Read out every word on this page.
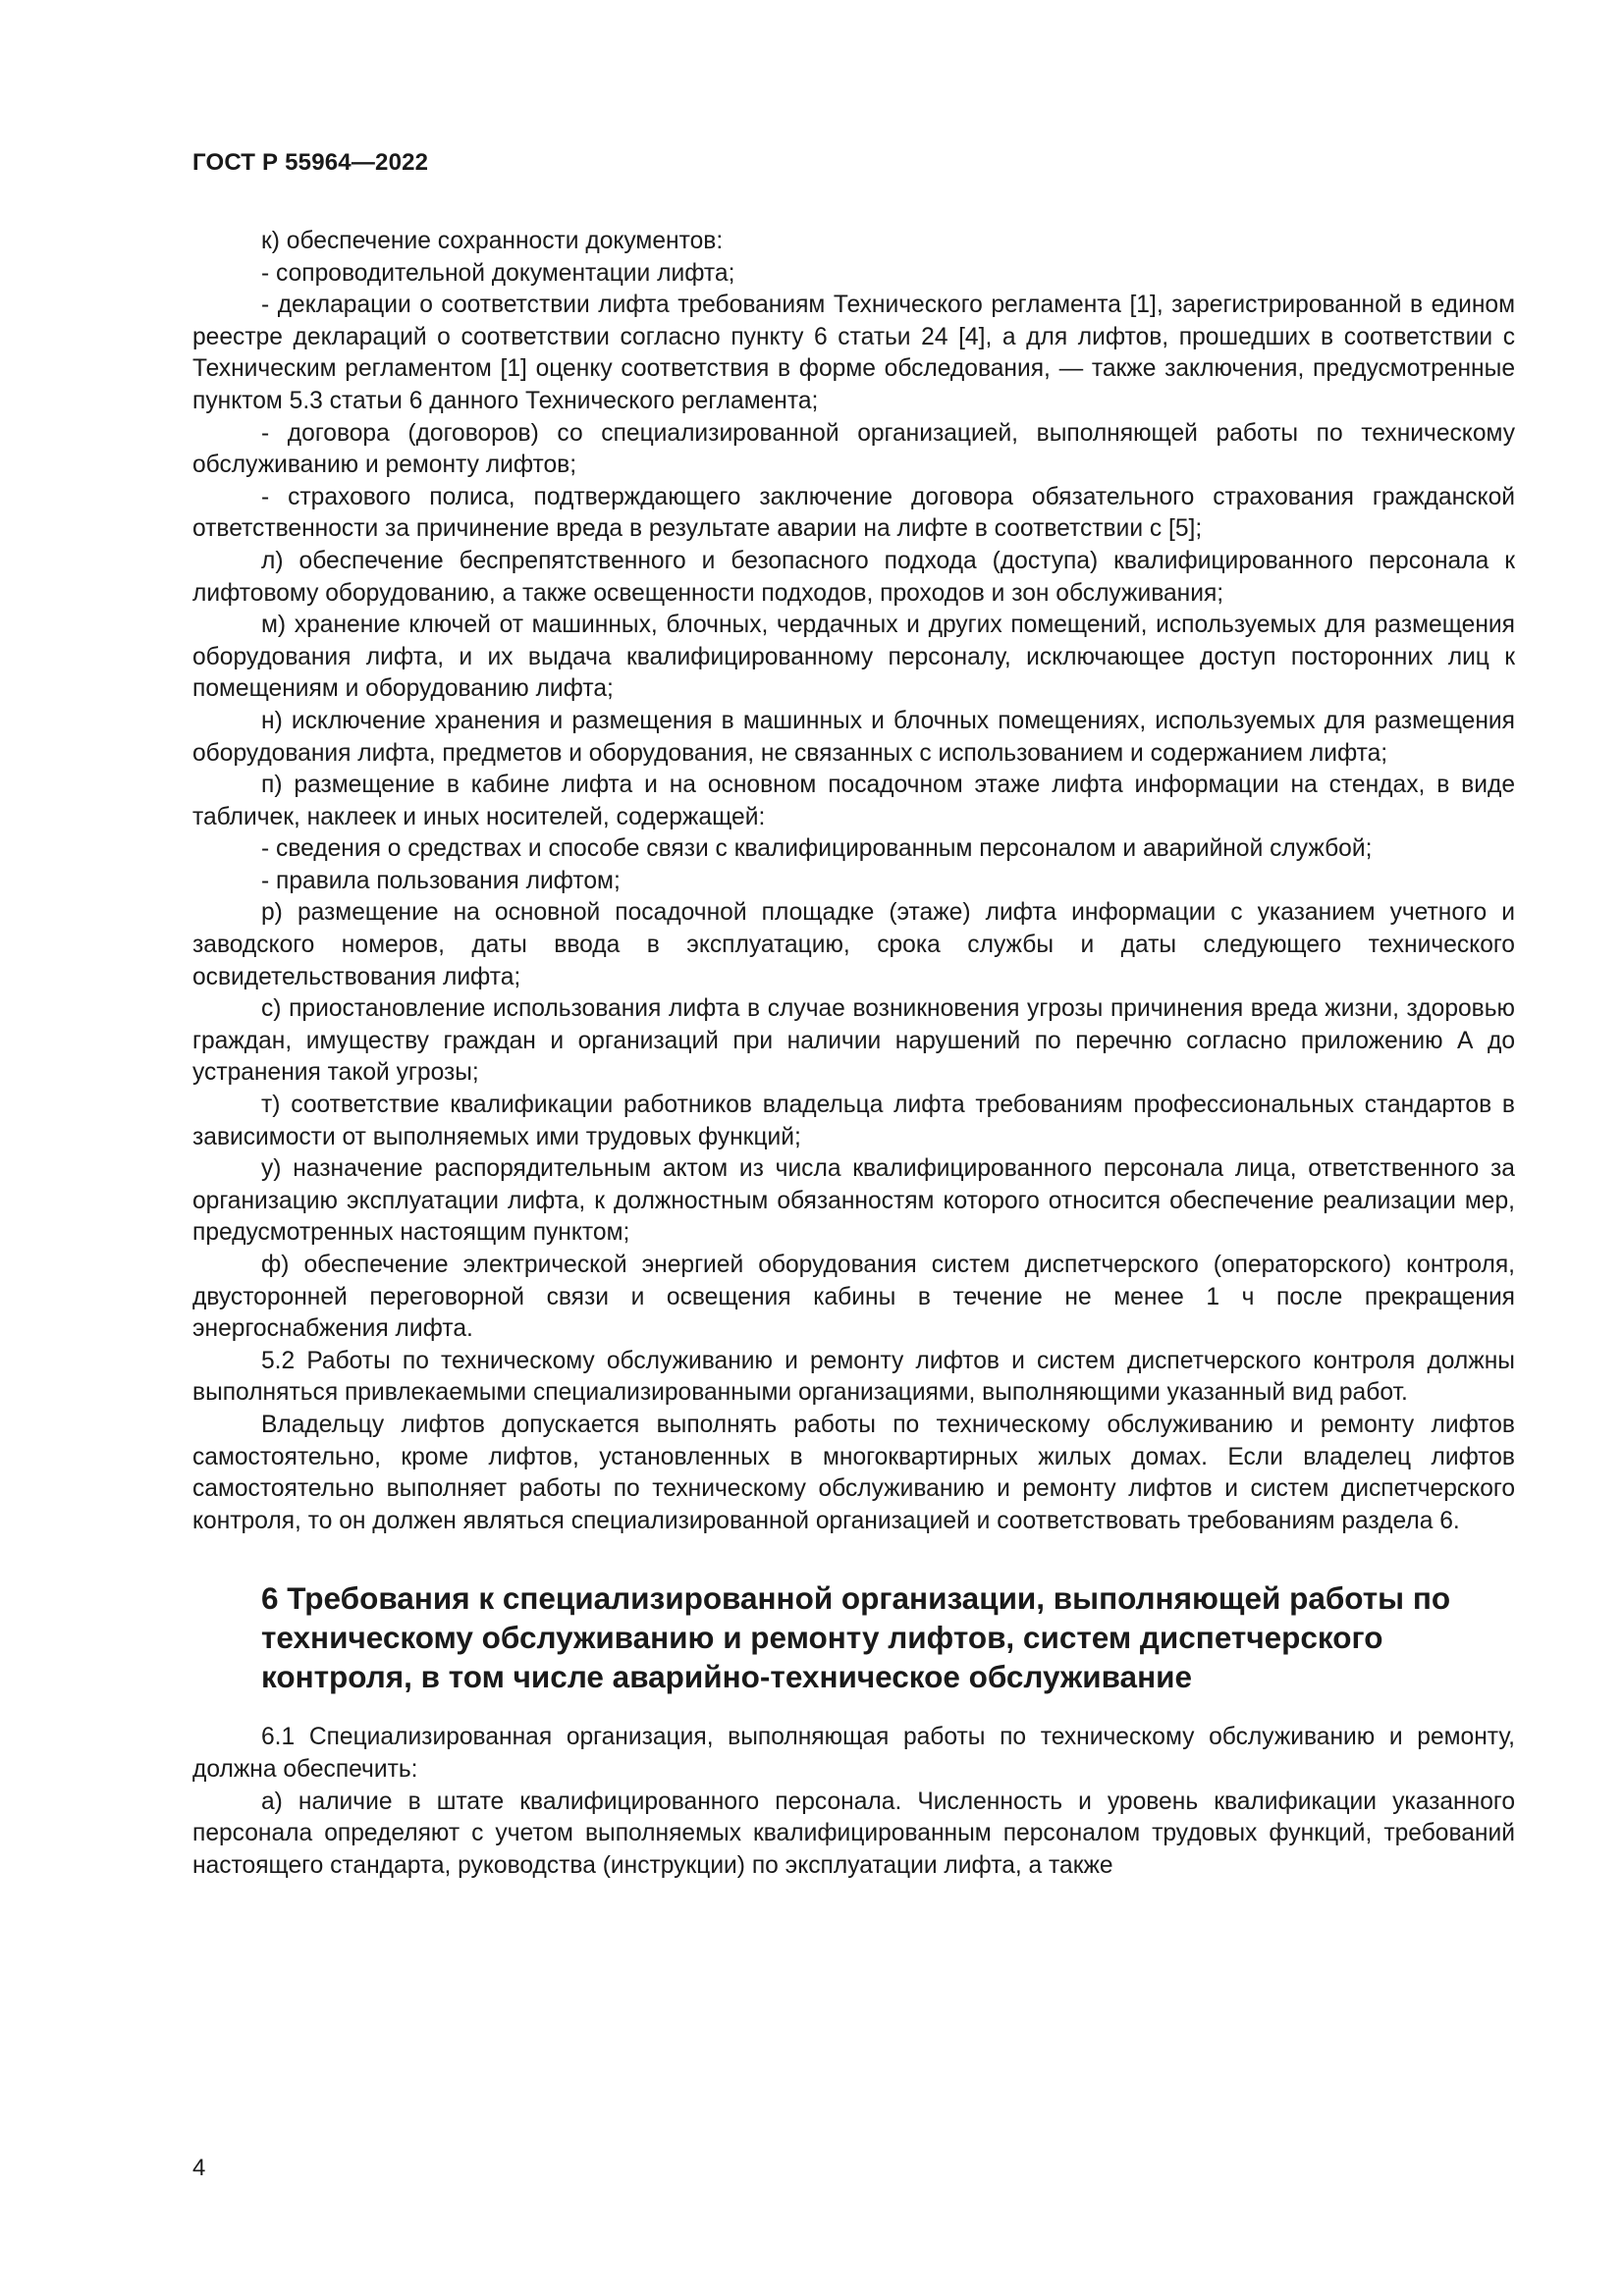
ГОСТ Р 55964—2022

к) обеспечение сохранности документов:

- сопроводительной документации лифта;

- декларации о соответствии лифта требованиям Технического регламента [1], зарегистрированной в едином реестре деклараций о соответствии согласно пункту 6 статьи 24 [4], а для лифтов, прошедших в соответствии с Техническим регламентом [1] оценку соответствия в форме обследования, — также заключения, предусмотренные пунктом 5.3 статьи 6 данного Технического регламента;

- договора (договоров) со специализированной организацией, выполняющей работы по техническому обслуживанию и ремонту лифтов;

- страхового полиса, подтверждающего заключение договора обязательного страхования гражданской ответственности за причинение вреда в результате аварии на лифте в соответствии с [5];

л) обеспечение беспрепятственного и безопасного подхода (доступа) квалифицированного персонала к лифтовому оборудованию, а также освещенности подходов, проходов и зон обслуживания;

м) хранение ключей от машинных, блочных, чердачных и других помещений, используемых для размещения оборудования лифта, и их выдача квалифицированному персоналу, исключающее доступ посторонних лиц к помещениям и оборудованию лифта;

н) исключение хранения и размещения в машинных и блочных помещениях, используемых для размещения оборудования лифта, предметов и оборудования, не связанных с использованием и содержанием лифта;

п) размещение в кабине лифта и на основном посадочном этаже лифта информации на стендах, в виде табличек, наклеек и иных носителей, содержащей:

- сведения о средствах и способе связи с квалифицированным персоналом и аварийной службой;

- правила пользования лифтом;

р) размещение на основной посадочной площадке (этаже) лифта информации с указанием учетного и заводского номеров, даты ввода в эксплуатацию, срока службы и даты следующего технического освидетельствования лифта;

с) приостановление использования лифта в случае возникновения угрозы причинения вреда жизни, здоровью граждан, имуществу граждан и организаций при наличии нарушений по перечню согласно приложению А до устранения такой угрозы;

т) соответствие квалификации работников владельца лифта требованиям профессиональных стандартов в зависимости от выполняемых ими трудовых функций;

у) назначение распорядительным актом из числа квалифицированного персонала лица, ответственного за организацию эксплуатации лифта, к должностным обязанностям которого относится обеспечение реализации мер, предусмотренных настоящим пунктом;

ф) обеспечение электрической энергией оборудования систем диспетчерского (операторского) контроля, двусторонней переговорной связи и освещения кабины в течение не менее 1 ч после прекращения энергоснабжения лифта.

5.2 Работы по техническому обслуживанию и ремонту лифтов и систем диспетчерского контроля должны выполняться привлекаемыми специализированными организациями, выполняющими указанный вид работ.

Владельцу лифтов допускается выполнять работы по техническому обслуживанию и ремонту лифтов самостоятельно, кроме лифтов, установленных в многоквартирных жилых домах. Если владелец лифтов самостоятельно выполняет работы по техническому обслуживанию и ремонту лифтов и систем диспетчерского контроля, то он должен являться специализированной организацией и соответствовать требованиям раздела 6.

6 Требования к специализированной организации, выполняющей работы по техническому обслуживанию и ремонту лифтов, систем диспетчерского контроля, в том числе аварийно-техническое обслуживание

6.1 Специализированная организация, выполняющая работы по техническому обслуживанию и ремонту, должна обеспечить:

а) наличие в штате квалифицированного персонала. Численность и уровень квалификации указанного персонала определяют с учетом выполняемых квалифицированным персоналом трудовых функций, требований настоящего стандарта, руководства (инструкции) по эксплуатации лифта, а также

4
